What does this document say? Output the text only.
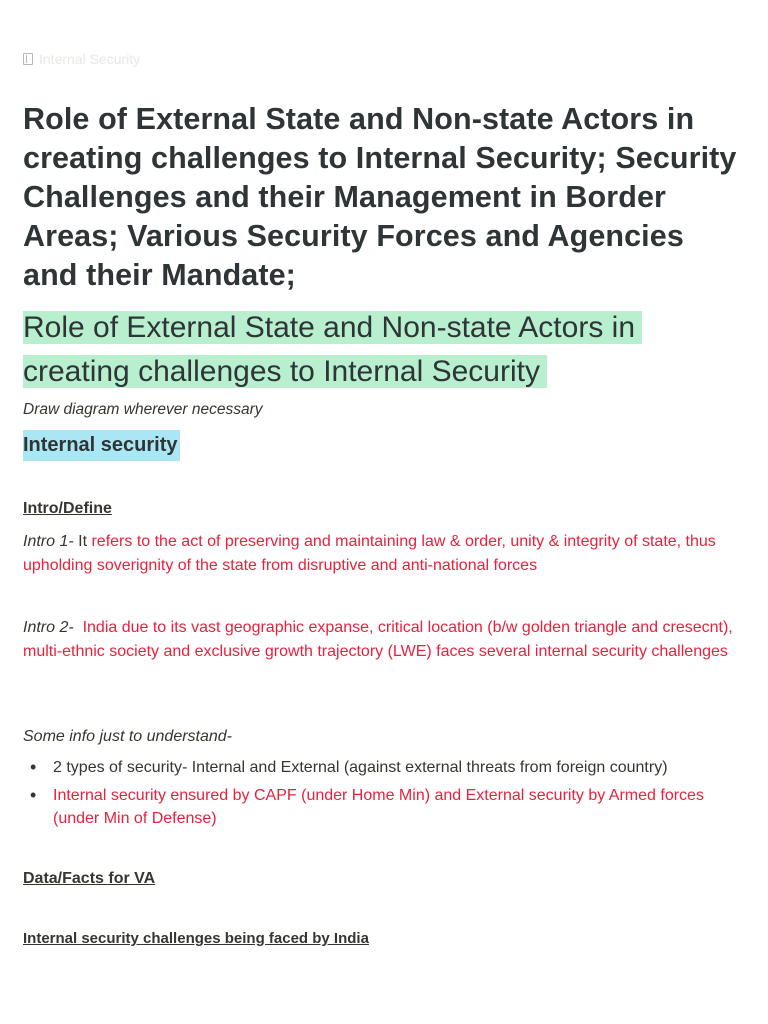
Internal Security
Role of External State and Non-state Actors in creating challenges to Internal Security; Security Challenges and their Management in Border Areas; Various Security Forces and Agencies and their Mandate;
Role of External State and Non-state Actors in creating challenges to Internal Security
Draw diagram wherever necessary
Internal security
Intro/Define
Intro 1- It refers to the act of preserving and maintaining law & order, unity & integrity of state, thus upholding soverignity of the state from disruptive and anti-national forces
Intro 2- India due to its vast geographic expanse, critical location (b/w golden triangle and cresecnt), multi-ethnic society and exclusive growth trajectory (LWE) faces several internal security challenges
Some info just to understand-
• 2 types of security- Internal and External (against external threats from foreign country)
• Internal security ensured by CAPF (under Home Min) and External security by Armed forces (under Min of Defense)
Data/Facts for VA
Internal security challenges being faced by India
